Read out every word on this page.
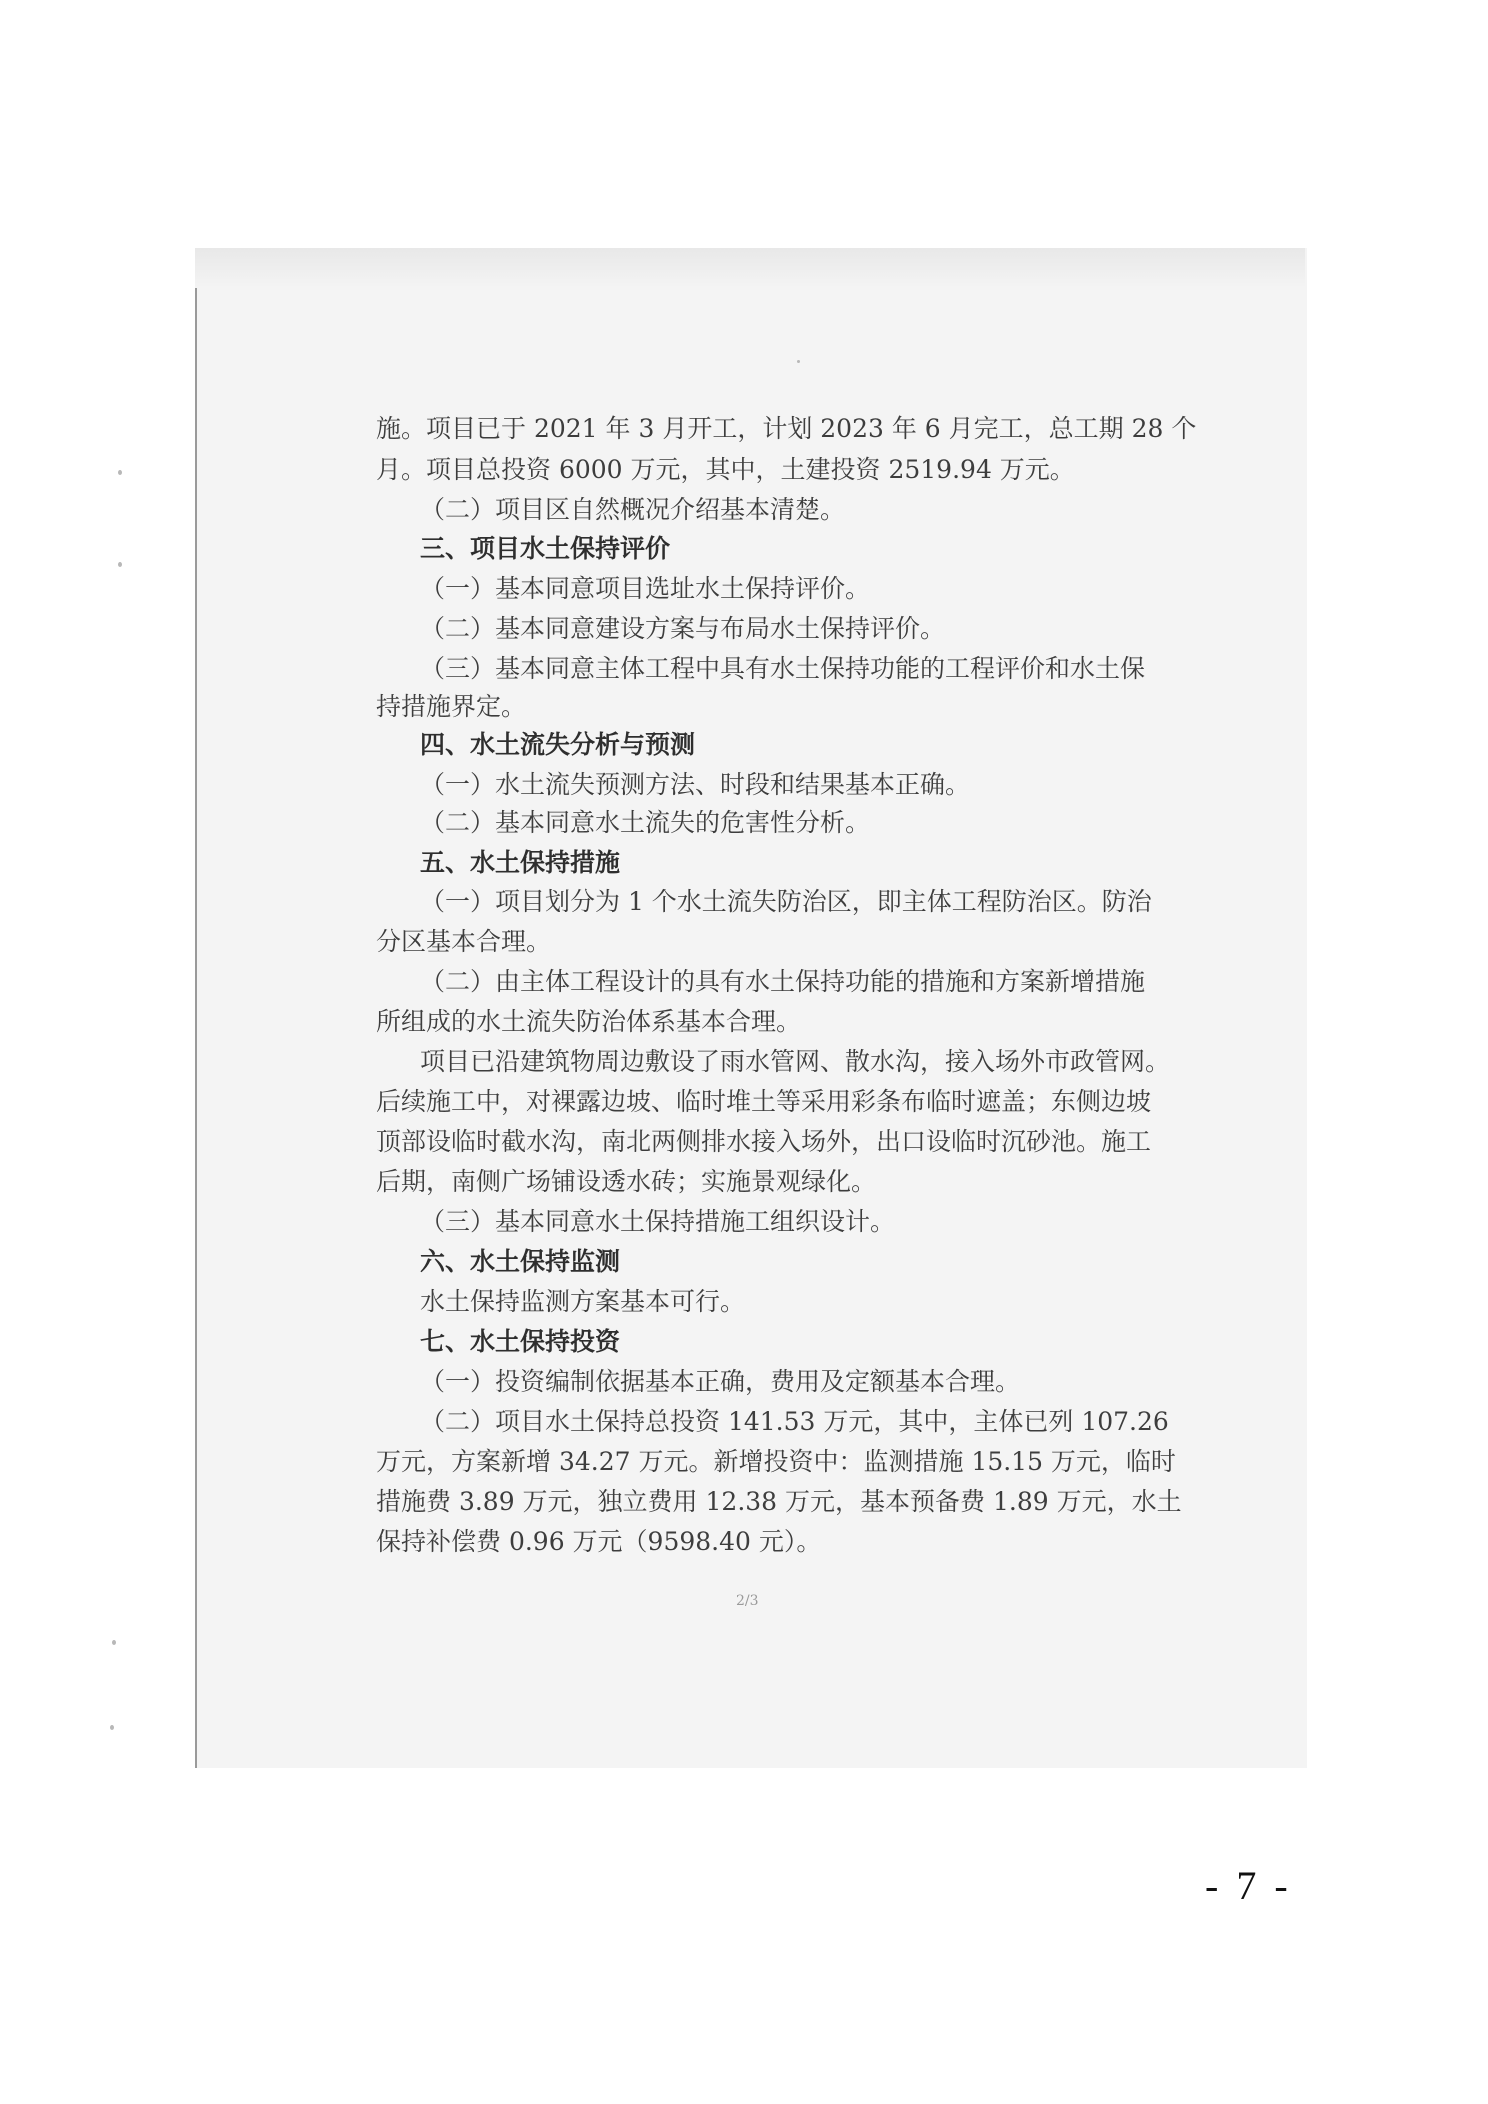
施。项目已于 2021 年 3 月开工，计划 2023 年 6 月完工，总工期 28 个
月。项目总投资 6000 万元，其中，土建投资 2519.94 万元。
（二）项目区自然概况介绍基本清楚。
三、项目水土保持评价
（一）基本同意项目选址水土保持评价。
（二）基本同意建设方案与布局水土保持评价。
（三）基本同意主体工程中具有水土保持功能的工程评价和水土保
持措施界定。
四、水土流失分析与预测
（一）水土流失预测方法、时段和结果基本正确。
（二）基本同意水土流失的危害性分析。
五、水土保持措施
（一）项目划分为 1 个水土流失防治区，即主体工程防治区。防治
分区基本合理。
（二）由主体工程设计的具有水土保持功能的措施和方案新增措施
所组成的水土流失防治体系基本合理。
项目已沿建筑物周边敷设了雨水管网、散水沟，接入场外市政管网。
后续施工中，对裸露边坡、临时堆土等采用彩条布临时遮盖；东侧边坡
顶部设临时截水沟，南北两侧排水接入场外，出口设临时沉砂池。施工
后期，南侧广场铺设透水砖；实施景观绿化。
（三）基本同意水土保持措施工组织设计。
六、水土保持监测
水土保持监测方案基本可行。
七、水土保持投资
（一）投资编制依据基本正确，费用及定额基本合理。
（二）项目水土保持总投资 141.53 万元，其中，主体已列 107.26
万元，方案新增 34.27 万元。新增投资中：监测措施 15.15 万元，临时
措施费 3.89 万元，独立费用 12.38 万元，基本预备费 1.89 万元，水土
保持补偿费 0.96 万元（9598.40 元）。
2/3
- 7 -
